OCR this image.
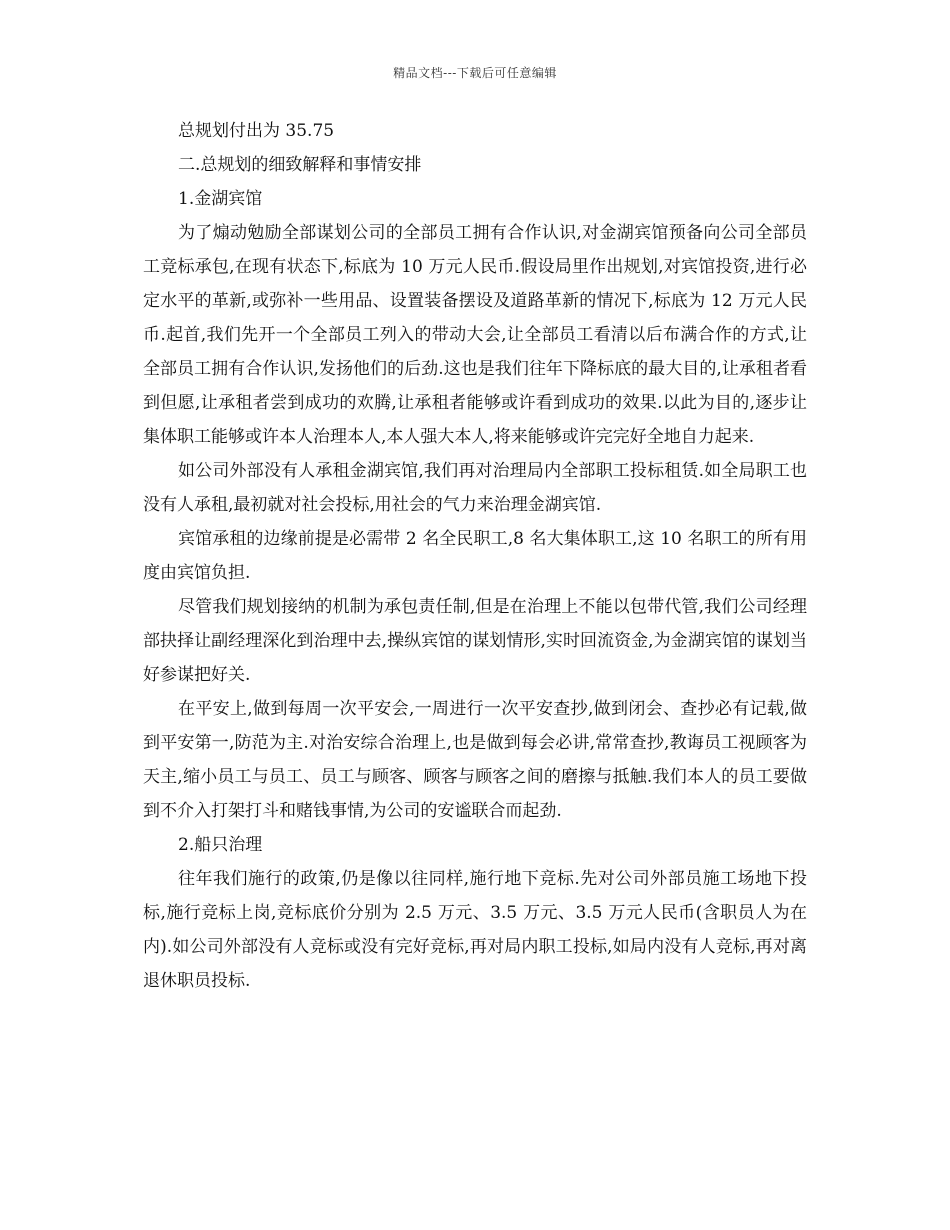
精品文档---下载后可任意编辑

总规划付出为 35.75

二.总规划的细致解释和事情安排

1.金湖宾馆

为了煽动勉励全部谋划公司的全部员工拥有合作认识,对金湖宾馆预备向公司全部员工竞标承包,在现有状态下,标底为 10 万元人民币.假设局里作出规划,对宾馆投资,进行必定水平的革新,或弥补一些用品、设置装备摆设及道路革新的情况下,标底为 12 万元人民币.起首,我们先开一个全部员工列入的带动大会,让全部员工看清以后布满合作的方式,让全部员工拥有合作认识,发扬他们的后劲.这也是我们往年下降标底的最大目的,让承租者看到但愿,让承租者尝到成功的欢腾,让承租者能够或许看到成功的效果.以此为目的,逐步让集体职工能够或许本人治理本人,本人强大本人,将来能够或许完完好全地自力起来.

如公司外部没有人承租金湖宾馆,我们再对治理局内全部职工投标租赁.如全局职工也没有人承租,最初就对社会投标,用社会的气力来治理金湖宾馆.

宾馆承租的边缘前提是必需带 2 名全民职工,8 名大集体职工,这 10 名职工的所有用度由宾馆负担.

尽管我们规划接纳的机制为承包责任制,但是在治理上不能以包带代管,我们公司经理部抉择让副经理深化到治理中去,操纵宾馆的谋划情形,实时回流资金,为金湖宾馆的谋划当好参谋把好关.

在平安上,做到每周一次平安会,一周进行一次平安查抄,做到闭会、查抄必有记载,做到平安第一,防范为主.对治安综合治理上,也是做到每会必讲,常常查抄,教诲员工视顾客为天主,缩小员工与员工、员工与顾客、顾客与顾客之间的磨擦与抵触.我们本人的员工要做到不介入打架打斗和赌钱事情,为公司的安谧联合而起劲.

2.船只治理

往年我们施行的政策,仍是像以往同样,施行地下竞标.先对公司外部员施工场地下投标,施行竞标上岗,竞标底价分别为 2.5 万元、3.5 万元、3.5 万元人民币(含职员人为在内).如公司外部没有人竞标或没有完好竞标,再对局内职工投标,如局内没有人竞标,再对离退休职员投标.
